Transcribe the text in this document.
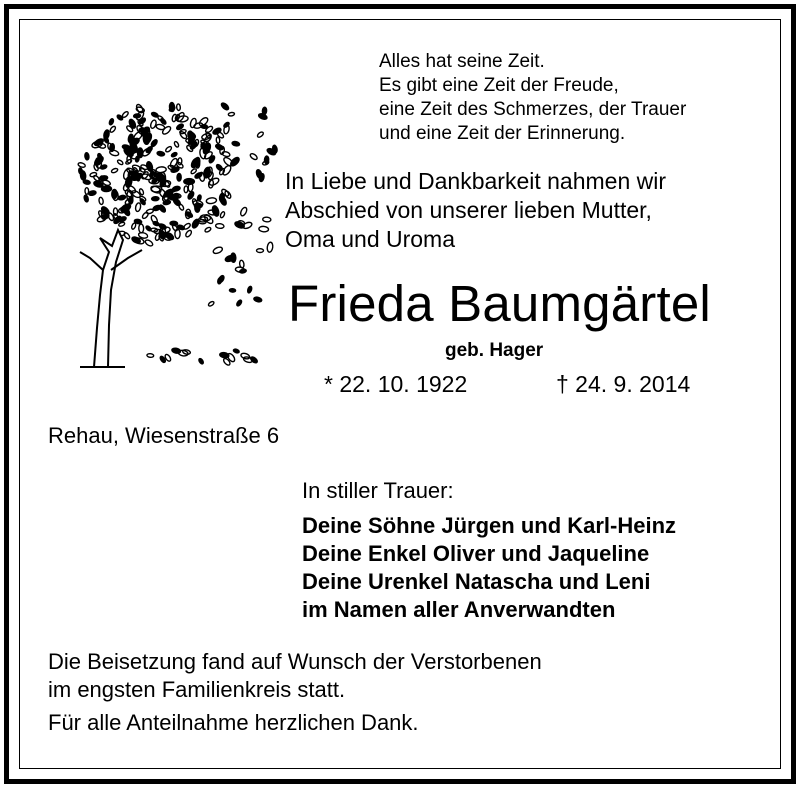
Alles hat seine Zeit.
Es gibt eine Zeit der Freude,
eine Zeit des Schmerzes, der Trauer
und eine Zeit der Erinnerung.
In Liebe und Dankbarkeit nahmen wir
Abschied von unserer lieben Mutter,
Oma und Uroma
Frieda Baumgärtel
geb. Hager
* 22. 10. 1922	† 24. 9. 2014
Rehau, Wiesenstraße 6
In stiller Trauer:
Deine Söhne Jürgen und Karl-Heinz
Deine Enkel Oliver und Jaqueline
Deine Urenkel Natascha und Leni
im Namen aller Anverwandten
Die Beisetzung fand auf Wunsch der Verstorbenen
im engsten Familienkreis statt.
Für alle Anteilnahme herzlichen Dank.
